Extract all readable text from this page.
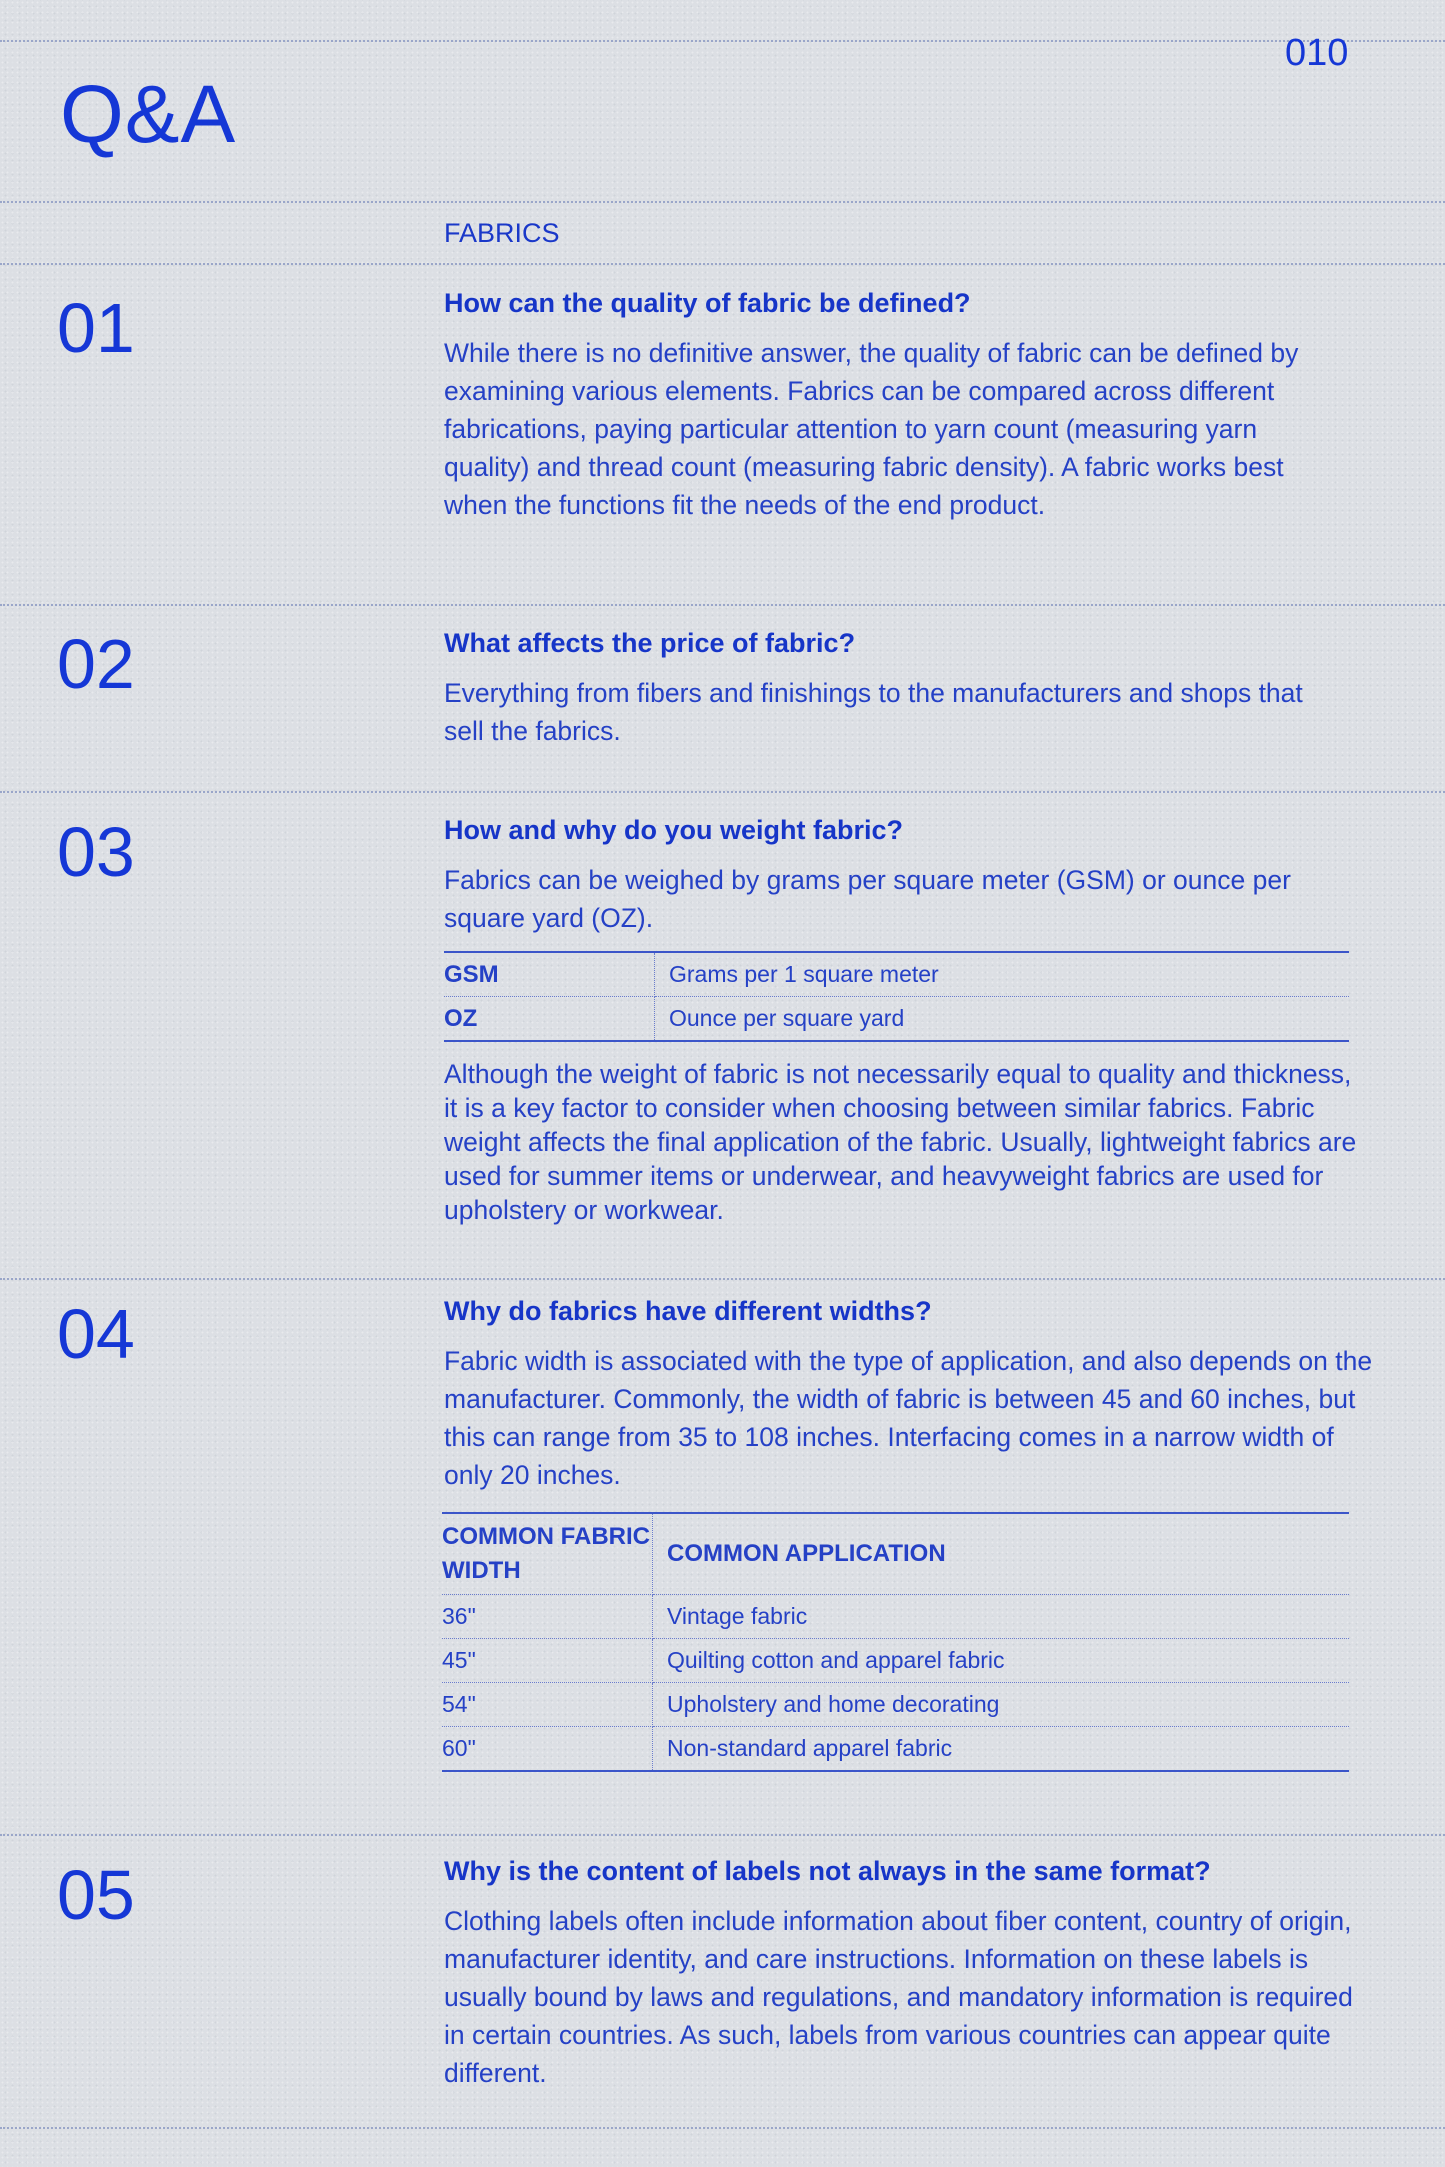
Q&A
010
FABRICS
01	How can the quality of fabric be defined?
While there is no definitive answer, the quality of fabric can be defined by examining various elements. Fabrics can be compared across different fabrications, paying particular attention to yarn count (measuring yarn quality) and thread count (measuring fabric density). A fabric works best when the functions fit the needs of the end product.
02	What affects the price of fabric?
Everything from fibers and finishings to the manufacturers and shops that sell the fabrics.
03	How and why do you weight fabric?
Fabrics can be weighed by grams per square meter (GSM) or ounce per square yard (OZ).
GSM	Grams per 1 square meter
OZ	Ounce per square yard
Although the weight of fabric is not necessarily equal to quality and thickness, it is a key factor to consider when choosing between similar fabrics. Fabric weight affects the final application of the fabric. Usually, lightweight fabrics are used for summer items or underwear, and heavyweight fabrics are used for upholstery or workwear.
04	Why do fabrics have different widths?
Fabric width is associated with the type of application, and also depends on the manufacturer. Commonly, the width of fabric is between 45 and 60 inches, but this can range from 35 to 108 inches. Interfacing comes in a narrow width of only 20 inches.
COMMON FABRIC WIDTH	COMMON APPLICATION
36"	Vintage fabric
45"	Quilting cotton and apparel fabric
54"	Upholstery and home decorating
60"	Non-standard apparel fabric
05	Why is the content of labels not always in the same format?
Clothing labels often include information about fiber content, country of origin, manufacturer identity, and care instructions. Information on these labels is usually bound by laws and regulations, and mandatory information is required in certain countries. As such, labels from various countries can appear quite different.
